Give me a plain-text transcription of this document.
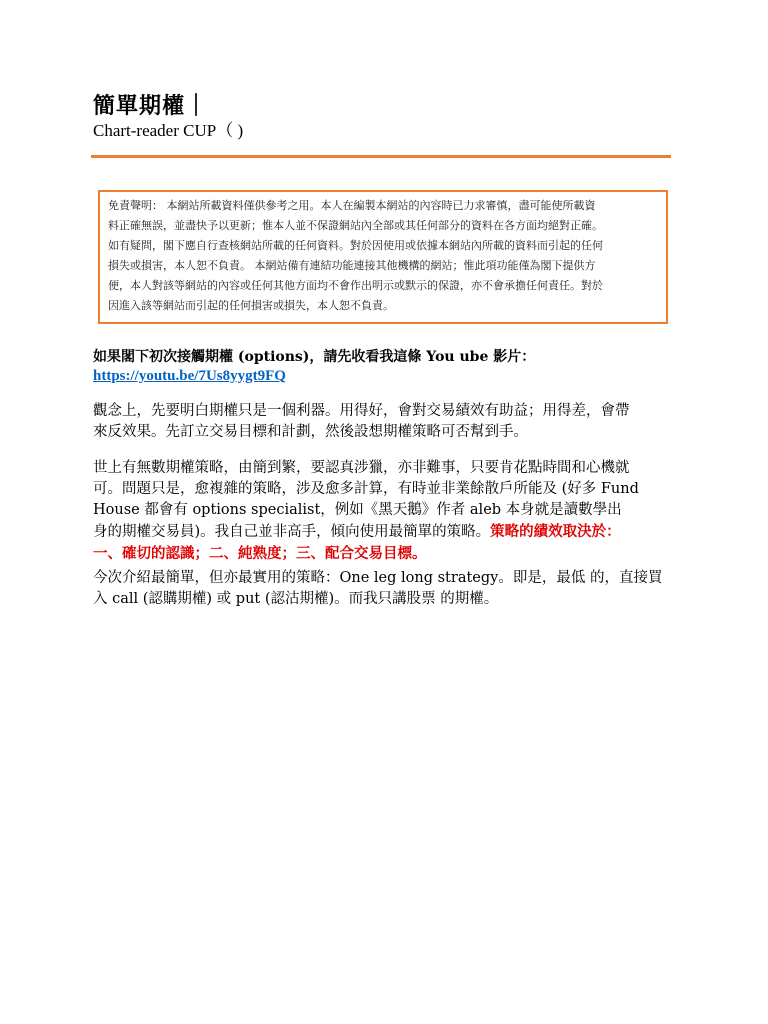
簡單期權｜
Chart-reader CUP（ )
免責聲明： 本網站所載資料僅供參考之用。本人在編製本網站的內容時已力求審慎，盡可能使所載資
料正確無誤，並盡快予以更新；惟本人並不保證網站內全部或其任何部分的資料在各方面均絕對正確。
如有疑問，閣下應自行查核網站所載的任何資料。對於因使用或依據本網站內所載的資料而引起的任何
損失或損害，本人恕不負責。 本網站備有連結功能連接其他機構的網站；惟此項功能僅為閣下提供方
便，本人對該等網站的內容或任何其他方面均不會作出明示或默示的保證，亦不會承擔任何責任。對於
因進入該等網站而引起的任何損害或損失，本人恕不負責。
如果閣下初次接觸期權 (options)，請先收看我這條 You ube 影片：
https://youtu.be/7Us8yygt9FQ
觀念上，先要明白期權只是一個利器。用得好，會對交易績效有助益；用得差，會帶
來反效果。先訂立交易目標和計劃，然後設想期權策略可否幫到手。
世上有無數期權策略，由簡到繁，要認真涉獵，亦非難事，只要肯花點時間和心機就
可。問題只是，愈複雜的策略，涉及愈多計算，有時並非業餘散戶所能及 (好多 Fund
House 都會有 options specialist，例如《黑天鵝》作者 aleb 本身就是讀數學出
身的期權交易員)。我自己並非高手，傾向使用最簡單的策略。策略的績效取決於：
一、確切的認識；二、純熟度；三、配合交易目標。
今次介紹最簡單，但亦最實用的策略：One leg long strategy。即是，最低 的，直接買
入 call (認購期權) 或 put (認沽期權)。而我只講股票 的期權。
